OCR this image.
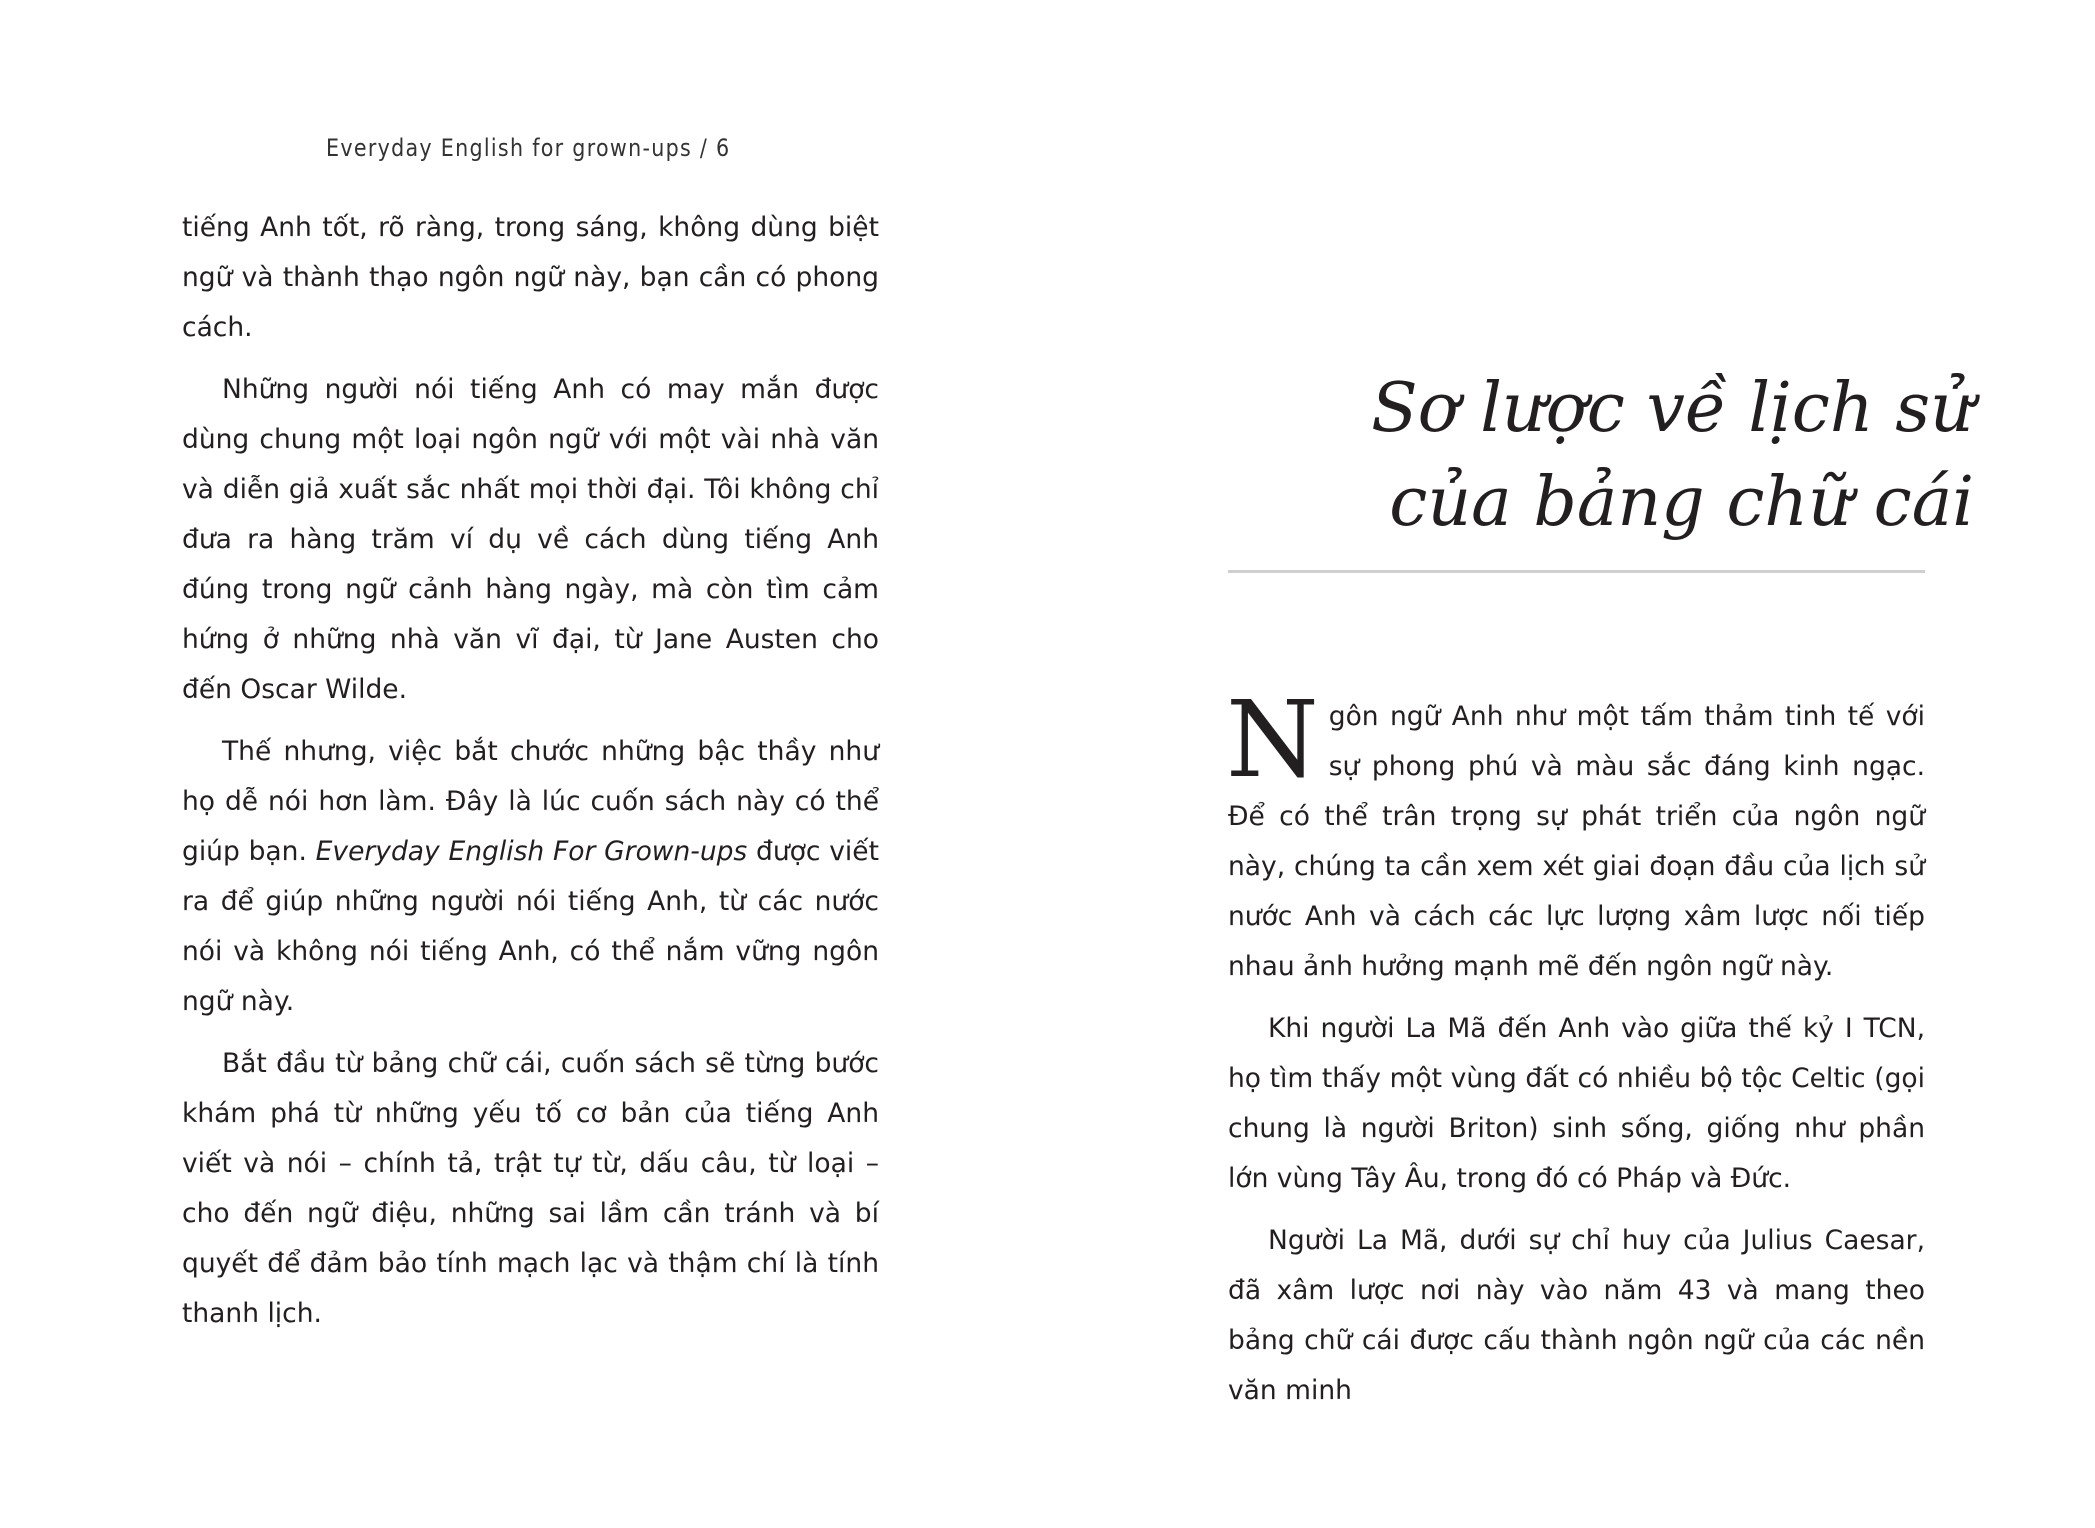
Everyday English for grown-ups / 6

tiếng Anh tốt, rõ ràng, trong sáng, không dùng biệt ngữ và thành thạo ngôn ngữ này, bạn cần có phong cách.

Những người nói tiếng Anh có may mắn được dùng chung một loại ngôn ngữ với một vài nhà văn và diễn giả xuất sắc nhất mọi thời đại. Tôi không chỉ đưa ra hàng trăm ví dụ về cách dùng tiếng Anh đúng trong ngữ cảnh hàng ngày, mà còn tìm cảm hứng ở những nhà văn vĩ đại, từ Jane Austen cho đến Oscar Wilde.

Thế nhưng, việc bắt chước những bậc thầy như họ dễ nói hơn làm. Đây là lúc cuốn sách này có thể giúp bạn. Everyday English For Grown-ups được viết ra để giúp những người nói tiếng Anh, từ các nước nói và không nói tiếng Anh, có thể nắm vững ngôn ngữ này.

Bắt đầu từ bảng chữ cái, cuốn sách sẽ từng bước khám phá từ những yếu tố cơ bản của tiếng Anh viết và nói – chính tả, trật tự từ, dấu câu, từ loại – cho đến ngữ điệu, những sai lầm cần tránh và bí quyết để đảm bảo tính mạch lạc và thậm chí là tính thanh lịch.

Sơ lược về lịch sử
của bảng chữ cái

Ngôn ngữ Anh như một tấm thảm tinh tế với sự phong phú và màu sắc đáng kinh ngạc. Để có thể trân trọng sự phát triển của ngôn ngữ này, chúng ta cần xem xét giai đoạn đầu của lịch sử nước Anh và cách các lực lượng xâm lược nối tiếp nhau ảnh hưởng mạnh mẽ đến ngôn ngữ này.

Khi người La Mã đến Anh vào giữa thế kỷ I TCN, họ tìm thấy một vùng đất có nhiều bộ tộc Celtic (gọi chung là người Briton) sinh sống, giống như phần lớn vùng Tây Âu, trong đó có Pháp và Đức.

Người La Mã, dưới sự chỉ huy của Julius Caesar, đã xâm lược nơi này vào năm 43 và mang theo bảng chữ cái được cấu thành ngôn ngữ của các nền văn minh
